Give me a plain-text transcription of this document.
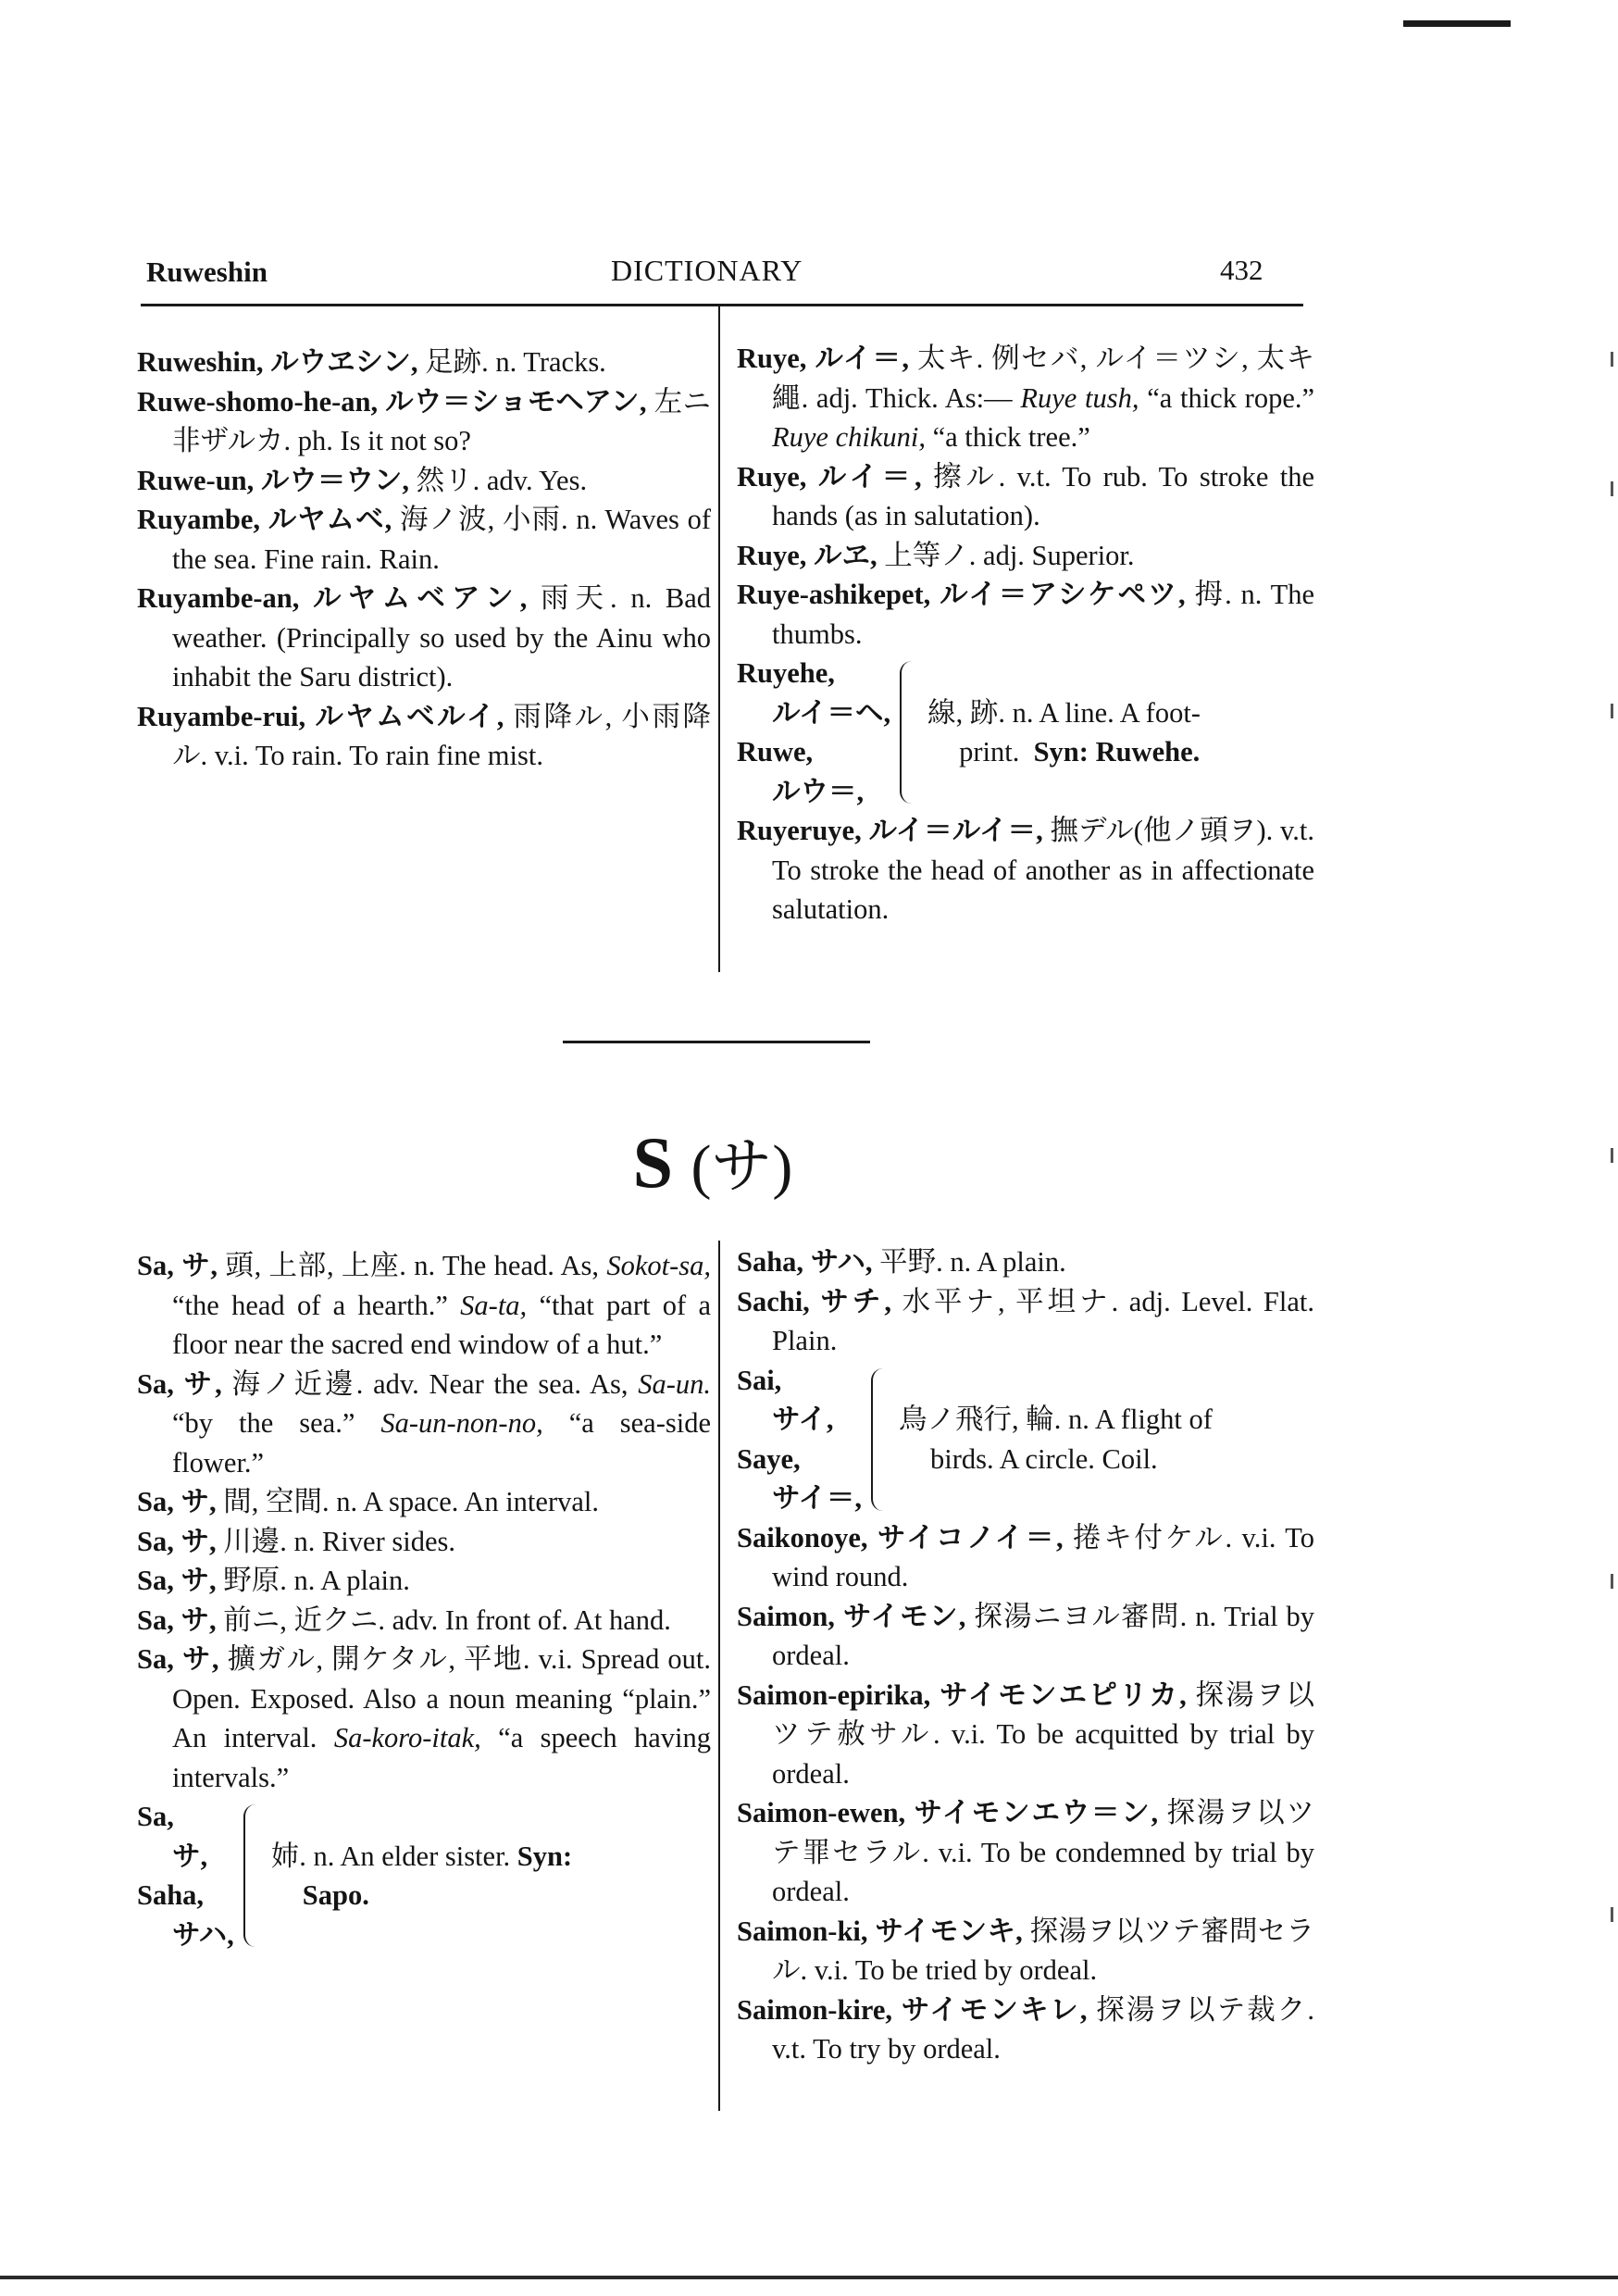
Ruweshin	DICTIONARY	432

Ruweshin, ルウヱシン, 足跡. n. Tracks.

Ruwe-shomo-he-an, ルウ＝ショモヘアン, 左ニ非ザルカ. ph. Is it not so?

Ruwe-un, ルウ＝ウン, 然リ. adv. Yes.

Ruyambe, ルヤムベ, 海ノ波, 小雨. n. Waves of the sea. Fine rain. Rain.

Ruyambe-an, ルヤムベアン, 雨天. n. Bad weather. (Principally so used by the Ainu who inhabit the Saru district).

Ruyambe-rui, ルヤムベルイ, 雨降ル, 小雨降ル. v.i. To rain. To rain fine mist.

Ruye, ルイ＝, 太キ. 例セバ, ルイ＝ツシ, 太キ繩. adj. Thick. As:— Ruye tush, “a thick rope.” Ruye chikuni, “a thick tree.”

Ruye, ルイ＝, 擦ル. v.t. To rub. To stroke the hands (as in salutation).

Ruye, ルヱ, 上等ノ. adj. Superior.

Ruye-ashikepet, ルイ＝アシケペツ, 拇. n. The thumbs.

Ruyehe,
ルイ＝ヘ,
Ruwe,
ルウ＝,
線, 跡. n. A line. A foot-
print. Syn: Ruwehe.

Ruyeruye, ルイ＝ルイ＝, 撫デル(他ノ頭ヲ). v.t. To stroke the head of another as in affectionate salutation.

S (サ)

Sa, サ, 頭, 上部, 上座. n. The head. As, Sokot-sa, “the head of a hearth.” Sa-ta, “that part of a floor near the sacred end window of a hut.”

Sa, サ, 海ノ近邊. adv. Near the sea. As, Sa-un. “by the sea.” Sa-un-non-no, “a sea-side flower.”

Sa, サ, 間, 空間. n. A space. An interval.

Sa, サ, 川邊. n. River sides.

Sa, サ, 野原. n. A plain.

Sa, サ, 前ニ, 近クニ. adv. In front of. At hand.

Sa, サ, 擴ガル, 開ケタル, 平地. v.i. Spread out. Open. Exposed. Also a noun meaning “plain.” An interval. Sa-koro-itak, “a speech having intervals.”

Sa,
サ,
Saha,
サハ,
姉. n. An elder sister. Syn:
Sapo.

Saha, サハ, 平野. n. A plain.

Sachi, サチ, 水平ナ, 平坦ナ. adj. Level. Flat. Plain.

Sai,
サイ,
Saye,
サイ＝,
鳥ノ飛行, 輪. n. A flight of
birds. A circle. Coil.

Saikonoye, サイコノイ＝, 捲キ付ケル. v.i. To wind round.

Saimon, サイモン, 探湯ニヨル審問. n. Trial by ordeal.

Saimon-epirika, サイモンエピリカ, 探湯ヲ以ツテ赦サル. v.i. To be acquitted by trial by ordeal.

Saimon-ewen, サイモンエウ＝ン, 探湯ヲ以ツテ罪セラル. v.i. To be condemned by trial by ordeal.

Saimon-ki, サイモンキ, 探湯ヲ以ツテ審問セラル. v.i. To be tried by ordeal.

Saimon-kire, サイモンキレ, 探湯ヲ以テ裁ク. v.t. To try by ordeal.
